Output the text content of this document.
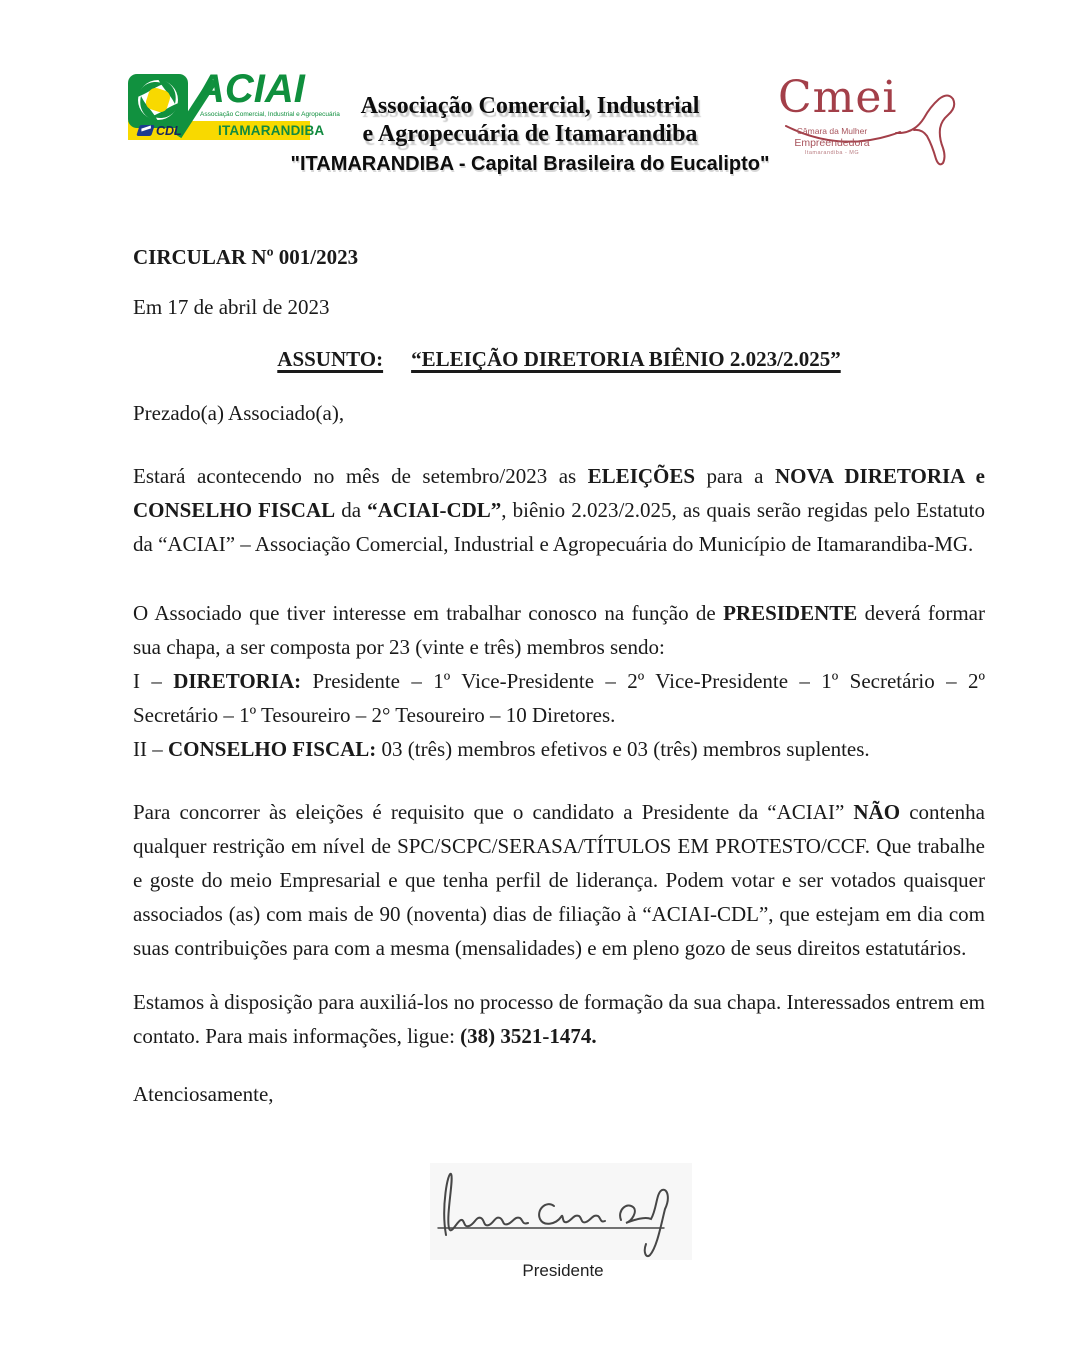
ACIAI
Associação Comercial, Industrial e Agropecuária
CDL	ITAMARANDIBA
Associação Comercial, Industrial
e Agropecuária de Itamarandiba
"ITAMARANDIBA - Capital Brasileira do Eucalipto"
Cmei
Câmara da Mulher
Empreendedora
Itamarandiba - MG
CIRCULAR Nº 001/2023
Em 17 de abril de 2023
ASSUNTO: “ELEIÇÃO DIRETORIA BIÊNIO 2.023/2.025”
Prezado(a) Associado(a),
Estará acontecendo no mês de setembro/2023 as ELEIÇÕES para a NOVA DIRETORIA e CONSELHO FISCAL da “ACIAI-CDL”, biênio 2.023/2.025, as quais serão regidas pelo Estatuto da “ACIAI” – Associação Comercial, Industrial e Agropecuária do Município de Itamarandiba-MG.
O Associado que tiver interesse em trabalhar conosco na função de PRESIDENTE deverá formar sua chapa, a ser composta por 23 (vinte e três) membros sendo:
I – DIRETORIA: Presidente – 1º Vice-Presidente – 2º Vice-Presidente – 1º Secretário – 2º Secretário – 1º Tesoureiro – 2° Tesoureiro – 10 Diretores.
II – CONSELHO FISCAL: 03 (três) membros efetivos e 03 (três) membros suplentes.
Para concorrer às eleições é requisito que o candidato a Presidente da “ACIAI” NÃO contenha qualquer restrição em nível de SPC/SCPC/SERASA/TÍTULOS EM PROTESTO/CCF. Que trabalhe e goste do meio Empresarial e que tenha perfil de liderança. Podem votar e ser votados quaisquer associados (as) com mais de 90 (noventa) dias de filiação à “ACIAI-CDL”, que estejam em dia com suas contribuições para com a mesma (mensalidades) e em pleno gozo de seus direitos estatutários.
Estamos à disposição para auxiliá-los no processo de formação da sua chapa. Interessados entrem em contato. Para mais informações, ligue: (38) 3521-1474.
Atenciosamente,
Presidente
